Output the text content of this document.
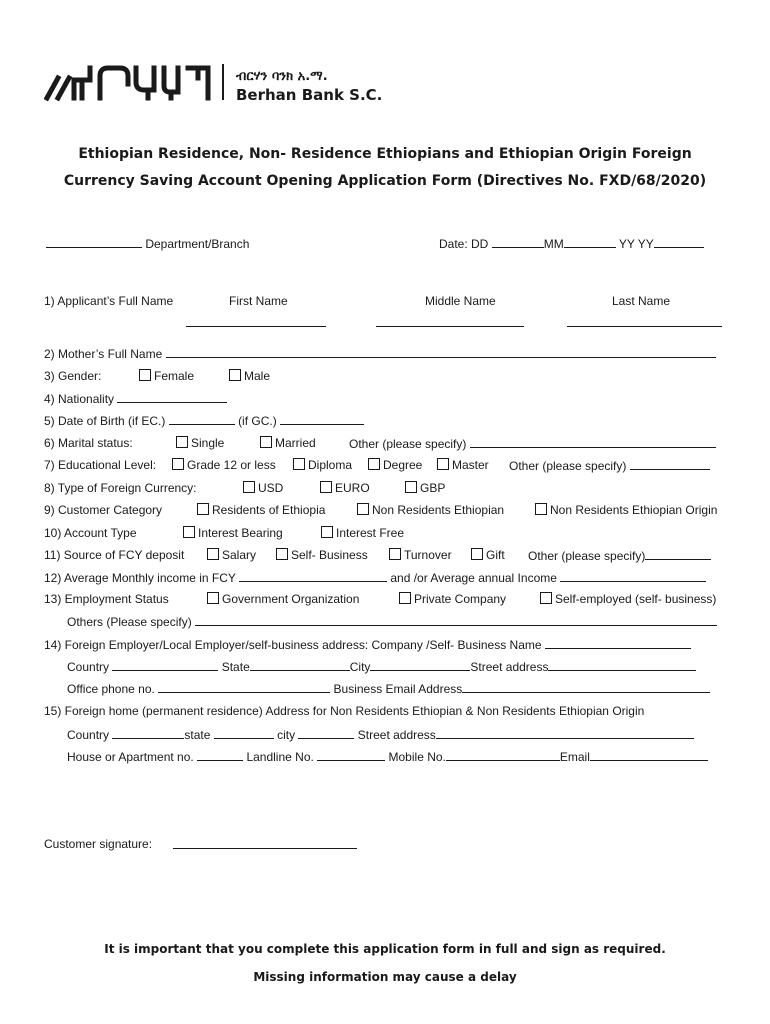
ብርሃን ባንክ አ.ማ.
Berhan Bank S.C.
Ethiopian Residence, Non- Residence Ethiopians and Ethiopian Origin Foreign
Currency Saving Account Opening Application Form (Directives No. FXD/68/2020)
Department/Branch	Date: DD	MM	YY YY
1) Applicant’s Full Name	First Name	Middle Name	Last Name
2) Mother’s Full Name
3) Gender:	Female	Male
4) Nationality
5) Date of Birth (if EC.)	(if GC.)
6) Marital status:	Single	Married	Other (please specify)
7) Educational Level:	Grade 12 or less	Diploma	Degree	Master Other (please specify)
8) Type of Foreign Currency:	USD	EURO	GBP
9) Customer Category	Residents of Ethiopia	Non Residents Ethiopian	Non Residents Ethiopian Origin
10) Account Type	Interest Bearing	Interest Free
11) Source of FCY deposit	Salary	Self- Business	Turnover	Gift Other (please specify)
12) Average Monthly income in FCY	and /or Average annual Income
13) Employment Status	Government Organization	Private Company	Self-employed (self- business)
Others (Please specify)
14) Foreign Employer/Local Employer/self-business address: Company /Self- Business Name
Country	State	City	Street address
Office phone no.	Business Email Address
15) Foreign home (permanent residence) Address for Non Residents Ethiopian & Non Residents Ethiopian Origin
Country	state	city	Street address
House or Apartment no.	Landline No.	Mobile No.	Email
Customer signature:
It is important that you complete this application form in full and sign as required.
Missing information may cause a delay
